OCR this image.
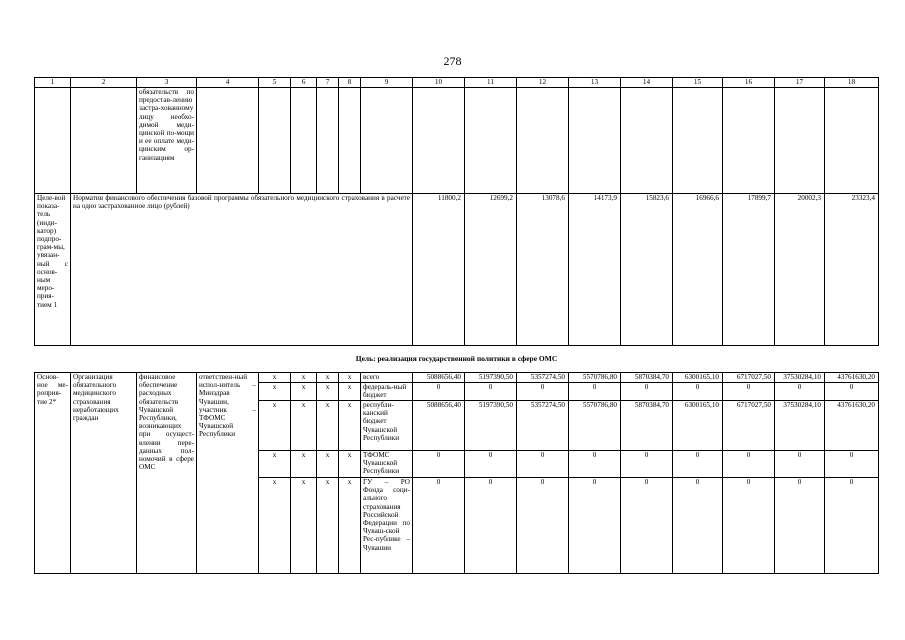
278
1	2	3	4	5	6	7	8	9	10	11	12	13	14	15	16	17	18
		обязательств по предостав-лению застра-хованному лицу необхо-димой меди-цинской по-мощи и ее оплате меди-цинским ор-ганизациям															
Целе-вой показа-тель (инди-катор) подпро-грам-мы, увязан-ный с основ-ным меро-прия-тием 1	Норматив финансового обеспечения базовой программы обязательного медицинского страхования в расчете на одно застрахованное лицо (рублей)								11800,2	12699,2	13078,6	14173,9	15823,6	16966,6	17899,7	20002,3	23323,4
Цель: реализация государственной политики в сфере ОМС																	
Основ-ное ме-роприя-тие 2*	Организация обязательного медицинского страхования неработающих граждан	финансовое обеспечение расходных обязательств Чувашской Республики, возникающих при осущест-влении пере-данных пол-номочий в сфере ОМС	ответствен-ный испол-нитель – Минздрав Чувашии, участник – ТФОМС Чувашской Республики	x	x	x	x	всего	5088656,40	5197390,50	5357274,50	5570786,80	5870384,70	6300165,10	6717027,50	37530284,10	43761630,20
				x	x	x	x	федераль-ный бюджет	0	0	0	0	0	0	0	0	0
				x	x	x	x	республи-канский бюджет Чувашской Республики	5088656,40	5197390,50	5357274,50	5570786,80	5870384,70	6300165,10	6717027,50	37530284,10	43761630,20
				x	x	x	x	ТФОМС Чувашской Республики	0	0	0	0	0	0	0	0	0
				x	x	x	x	ГУ – РО Фонда соци-ального страхования Российской Федерации по Чуваш-ской Рес-публике – Чувашии	0	0	0	0	0	0	0	0	0
